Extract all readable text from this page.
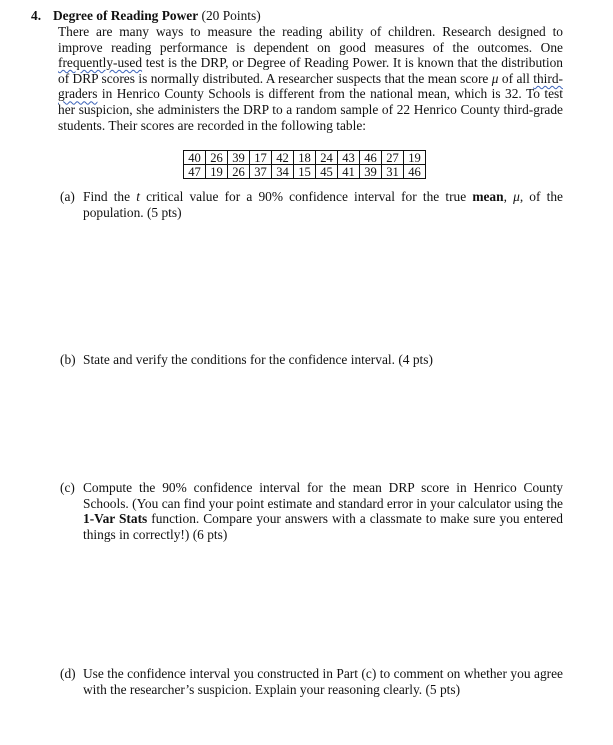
4. Degree of Reading Power (20 Points)
There are many ways to measure the reading ability of children. Research designed to improve reading performance is dependent on good measures of the outcomes. One frequently-used test is the DRP, or Degree of Reading Power. It is known that the distribution of DRP scores is normally distributed. A researcher suspects that the mean score μ of all third-graders in Henrico County Schools is different from the national mean, which is 32. To test her suspicion, she administers the DRP to a random sample of 22 Henrico County third-grade students. Their scores are recorded in the following table:
40	26	39	17	42	18	24	43	46	27	19
47	19	26	37	34	15	45	41	39	31	46
(a) Find the t critical value for a 90% confidence interval for the true mean, μ, of the population. (5 pts)
(b) State and verify the conditions for the confidence interval. (4 pts)
(c) Compute the 90% confidence interval for the mean DRP score in Henrico County Schools. (You can find your point estimate and standard error in your calculator using the 1-Var Stats function. Compare your answers with a classmate to make sure you entered things in correctly!) (6 pts)
(d) Use the confidence interval you constructed in Part (c) to comment on whether you agree with the researcher’s suspicion. Explain your reasoning clearly. (5 pts)
